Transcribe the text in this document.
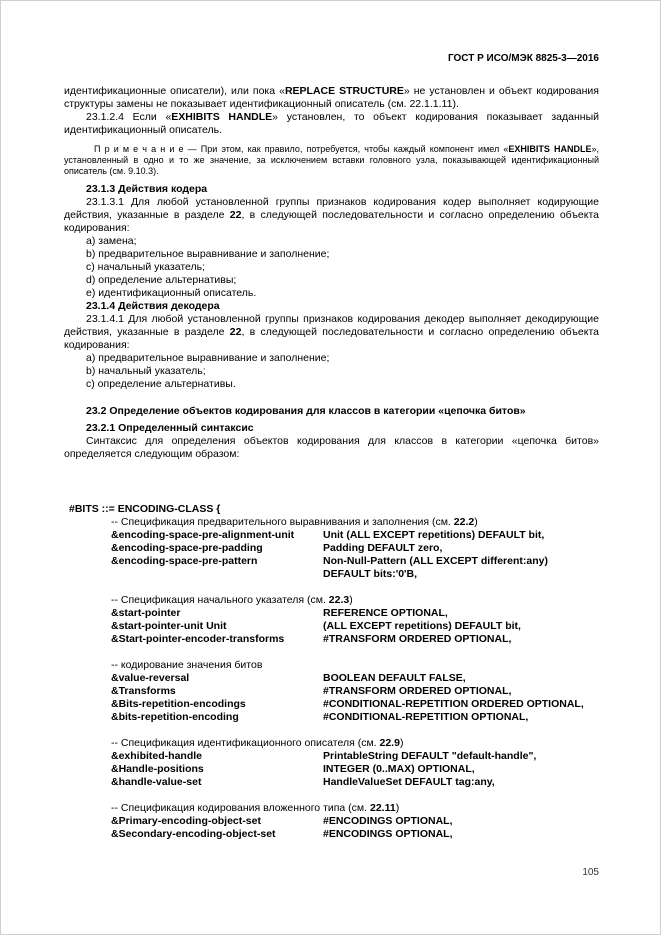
ГОСТ Р ИСО/МЭК 8825-3—2016
идентификационные описатели), или пока «REPLACE STRUCTURE» не установлен и объект кодирования структуры замены не показывает идентификационный описатель (см. 22.1.1.11).
23.1.2.4 Если «EXHIBITS HANDLE» установлен, то объект кодирования показывает заданный идентификационный описатель.
П р и м е ч а н и е — При этом, как правило, потребуется, чтобы каждый компонент имел «EXHIBITS HANDLE», установленный в одно и то же значение, за исключением вставки головного узла, показывающей идентификационный описатель (см. 9.10.3).
23.1.3 Действия кодера
23.1.3.1 Для любой установленной группы признаков кодирования кодер выполняет кодирующие действия, указанные в разделе 22, в следующей последовательности и согласно определению объекта кодирования:
a) замена;
b) предварительное выравнивание и заполнение;
c) начальный указатель;
d) определение альтернативы;
e) идентификационный описатель.
23.1.4 Действия декодера
23.1.4.1 Для любой установленной группы признаков кодирования декодер выполняет декодирующие действия, указанные в разделе 22, в следующей последовательности и согласно определению объекта кодирования:
a) предварительное выравнивание и заполнение;
b) начальный указатель;
c) определение альтернативы.
23.2 Определение объектов кодирования для классов в категории «цепочка битов»
23.2.1 Определенный синтаксис
Синтаксис для определения объектов кодирования для классов в категории «цепочка битов» определяется следующим образом:
#BITS ::= ENCODING-CLASS {
-- Спецификация предварительного выравнивания и заполнения (см. 22.2)
&encoding-space-pre-alignment-unit	Unit (ALL EXCEPT repetitions) DEFAULT bit,
&encoding-space-pre-padding	Padding DEFAULT zero,
&encoding-space-pre-pattern	Non-Null-Pattern (ALL EXCEPT different:any)
DEFAULT bits:'0'B,
-- Спецификация начального указателя (см. 22.3)
&start-pointer	REFERENCE OPTIONAL,
&start-pointer-unit Unit	(ALL EXCEPT repetitions) DEFAULT bit,
&Start-pointer-encoder-transforms	#TRANSFORM ORDERED OPTIONAL,
-- кодирование значения битов
&value-reversal	BOOLEAN DEFAULT FALSE,
&Transforms	#TRANSFORM ORDERED OPTIONAL,
&Bits-repetition-encodings	#CONDITIONAL-REPETITION ORDERED OPTIONAL,
&bits-repetition-encoding	#CONDITIONAL-REPETITION OPTIONAL,
-- Спецификация идентификационного описателя (см. 22.9)
&exhibited-handle	PrintableString DEFAULT "default-handle",
&Handle-positions	INTEGER (0..MAX) OPTIONAL,
&handle-value-set	HandleValueSet DEFAULT tag:any,
-- Спецификация кодирования вложенного типа (см. 22.11)
&Primary-encoding-object-set	#ENCODINGS OPTIONAL,
&Secondary-encoding-object-set	#ENCODINGS OPTIONAL,
105
